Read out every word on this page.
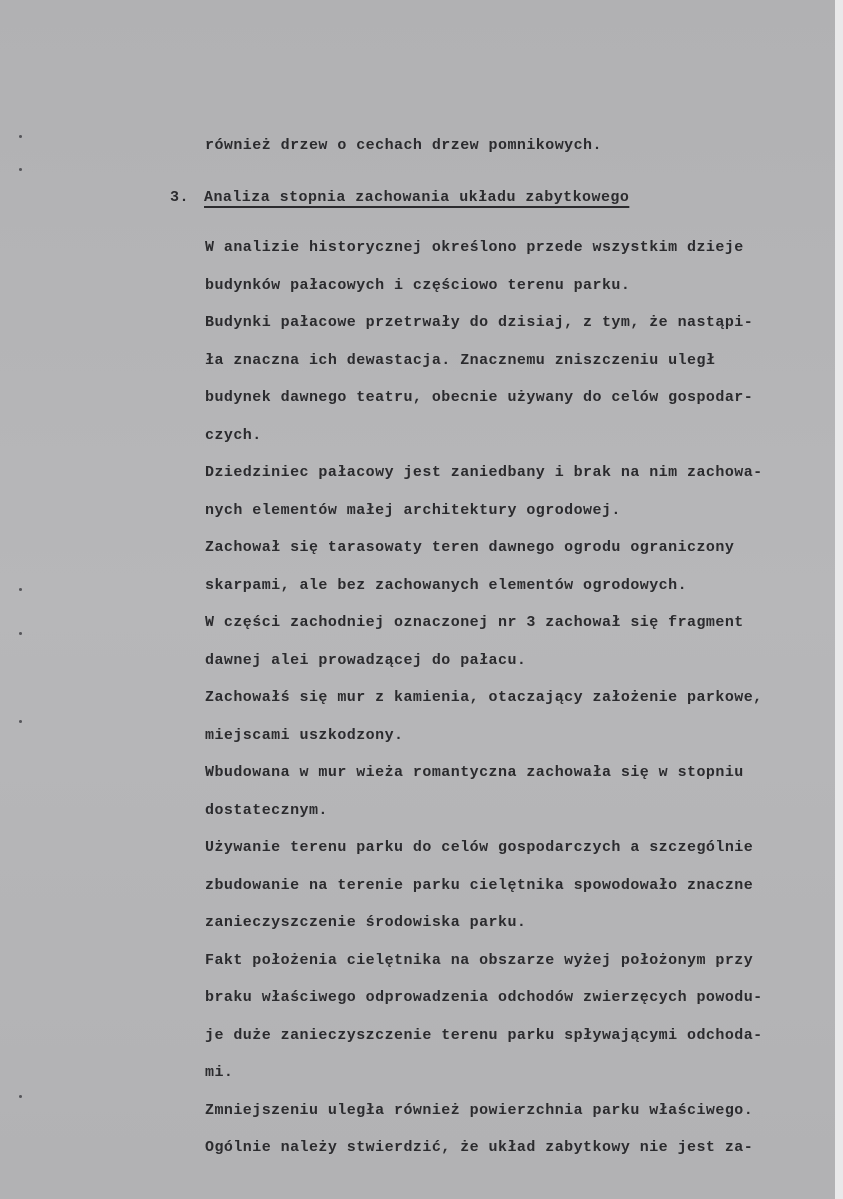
również drzew o cechach drzew pomnikowych.
3. Analiza stopnia zachowania układu zabytkowego
W analizie historycznej określono przede wszystkim dzieje
budynków pałacowych i częściowo terenu parku.
Budynki pałacowe przetrwały do dzisiaj, z tym, że nastąpi-
ła znaczna ich dewastacja. Znacznemu zniszczeniu uległ
budynek dawnego teatru, obecnie używany do celów gospodar-
czych.
Dziedziniec pałacowy jest zaniedbany i brak na nim zachowa-
nych elementów małej architektury ogrodowej.
Zachował się tarasowaty teren dawnego ogrodu ograniczony
skarpami, ale bez zachowanych elementów ogrodowych.
W części zachodniej oznaczonej nr 3 zachował się fragment
dawnej alei prowadzącej do pałacu.
Zachowałś się mur z kamienia, otaczający założenie parkowe,
miejscami uszkodzony.
Wbudowana w mur wieża romantyczna zachowała się w stopniu
dostatecznym.
Używanie terenu parku do celów gospodarczych a szczególnie
zbudowanie na terenie parku cielętnika spowodowało znaczne
zanieczyszczenie środowiska parku.
Fakt położenia cielętnika na obszarze wyżej położonym przy
braku właściwego odprowadzenia odchodów zwierzęcych powodu-
je duże zanieczyszczenie terenu parku spływającymi odchoda-
mi.
Zmniejszeniu uległa również powierzchnia parku właściwego.
Ogólnie należy stwierdzić, że układ zabytkowy nie jest za-
